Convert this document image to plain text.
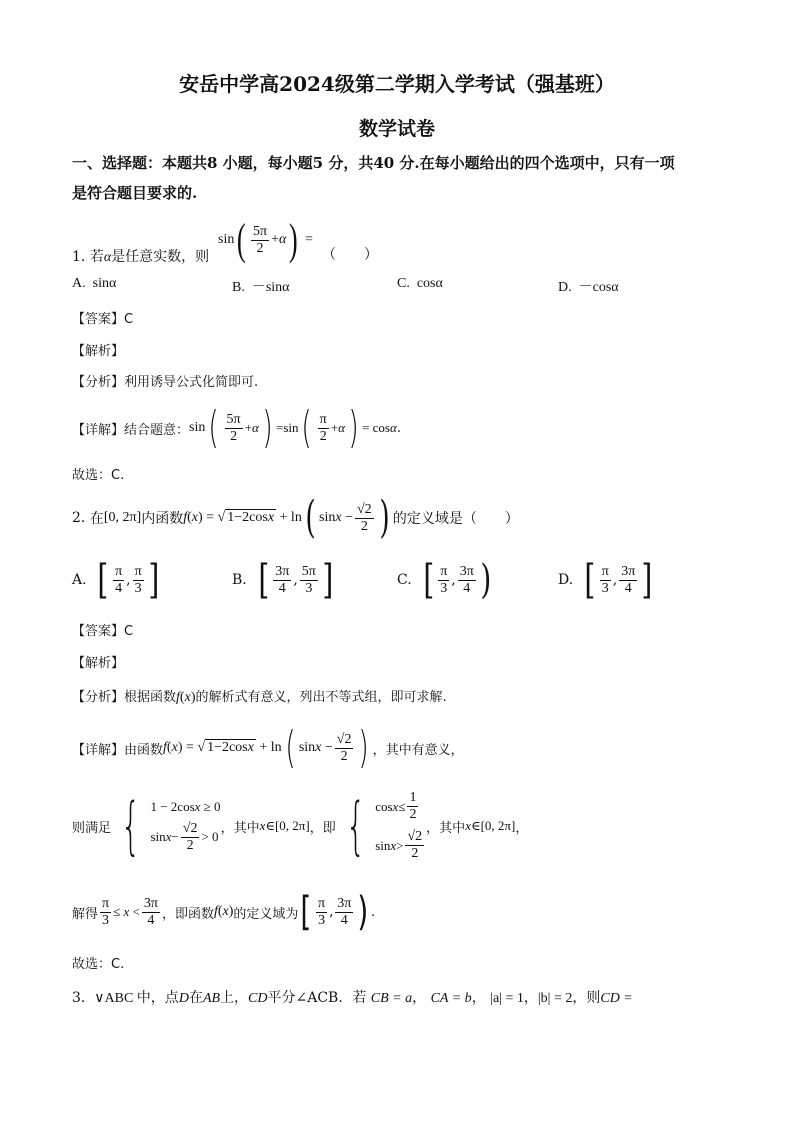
安岳中学高2024级第二学期入学考试（强基班）
数学试卷
一、选择题：本题共8 小题，每小题5 分，共40 分.在每小题给出的四个选项中，只有一项
是符合题目要求的.
sin ( $\frac{5\pi}{2} + \alpha$ ) =
1. 若α是任意实数，则	（　　）
A. sinα	B. －sinα	C. cosα	D. －cosα
【答案】C
【解析】
【分析】利用诱导公式化简即可.
【详解】 结合题意： sin ( $\frac{5\pi}{2} + \alpha$ ) = sin ( $\frac{\pi}{2} + \alpha$ ) = cos α .
故选：C.
2.
在 [0, 2π] 内函数 f(x) = √ 1−2cosx + ln ( $\sin x - \frac{√2}{2}$ ) 的定义域是（　　）
A.
[ $\frac{\pi}{4}$ , $\frac{\pi}{3}$ ]	B.
[ $\frac{3\pi}{4}$ , $\frac{5\pi}{3}$ ]	C.
[ $\frac{\pi}{3}$ , $\frac{3\pi}{4}$ )	D.
[ $\frac{\pi}{3}$ , $\frac{3\pi}{4}$ ]
【答案】C
【解析】
【分析】根据函数f(x)的解析式有意义，列出不等式组，即可求解.
【详解】 由函数 f(x) = √ 1−2cosx + ln ( $\sin x - \frac{√2}{2}$ ) ，其中有意义，
则满足 { 1 − 2cosx ≥ 0
$\sin x - \frac{√2}{2} > 0$
，其中 x ∈[0, 2π] ，即 { $\cos x \le \frac{1}{2}$
$\sin x > \frac{√2}{2}$
，其中 x ∈[0, 2π] ，
解得 $\frac{\pi}{3} \le x < \frac{3\pi}{4}$ ，即函数 f(x) 的定义域为 [ $\frac{\pi}{3}$ , $\frac{3\pi}{4}$ ) .
故选：C.
3. ∨ABC 中，点D在AB上，CD平分∠ACB．若 CB = a， CA = b， |a| = 1，|b| = 2，则CD =
